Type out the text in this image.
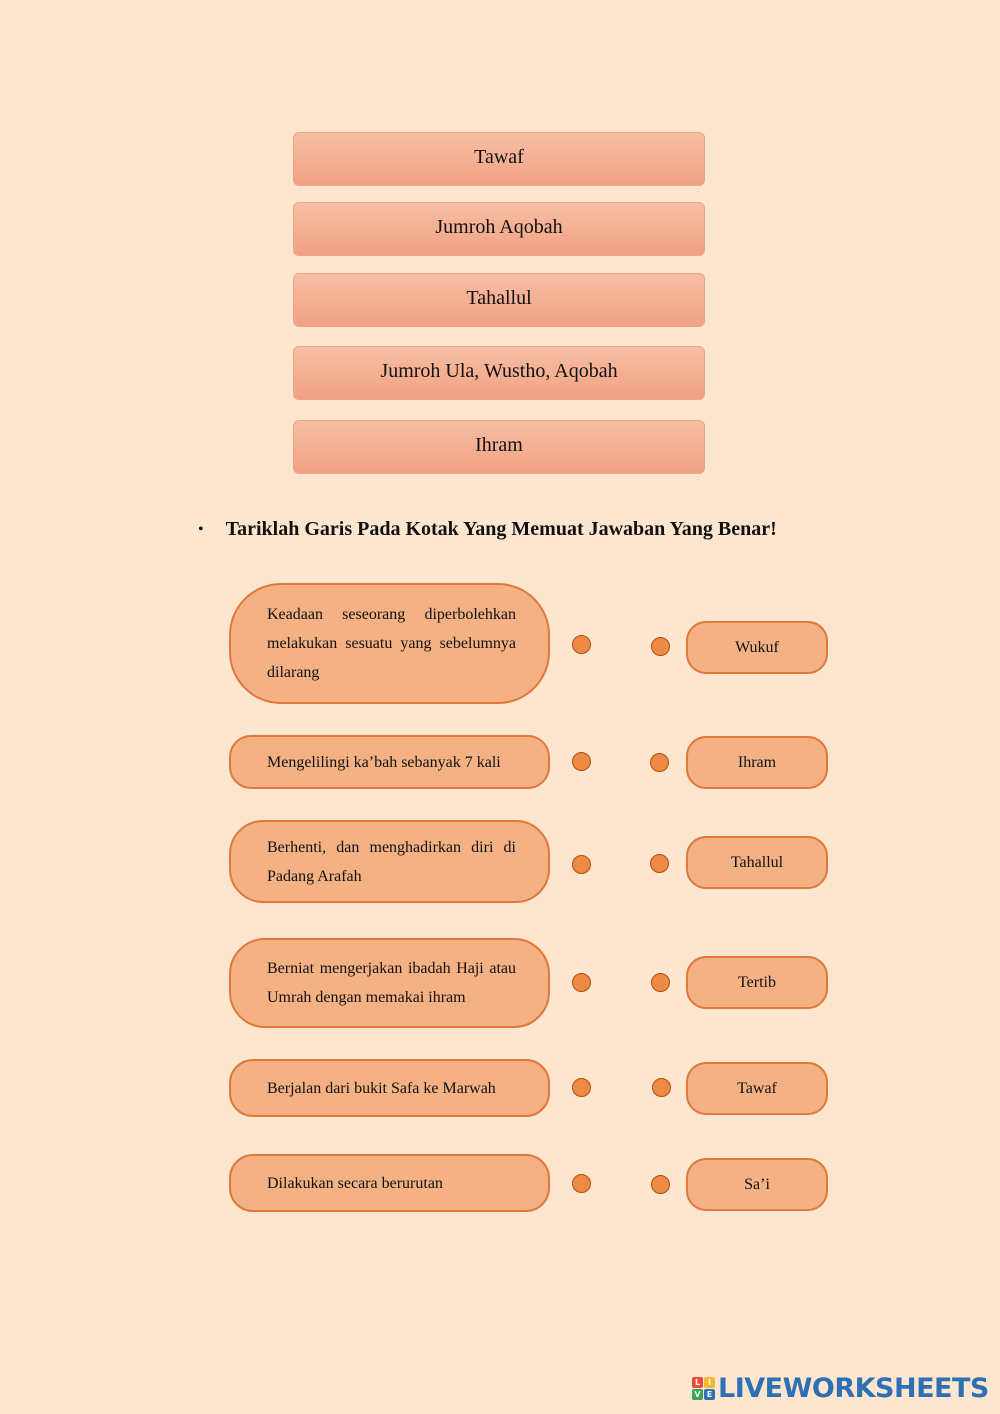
Tawaf
Jumroh Aqobah
Tahallul
Jumroh Ula, Wustho, Aqobah
Ihram
• Tariklah Garis Pada Kotak Yang Memuat Jawaban Yang Benar!
Keadaan seseorang diperbolehkan melakukan sesuatu yang sebelumnya dilarang
Mengelilingi ka’bah sebanyak 7 kali
Berhenti, dan menghadirkan diri di Padang Arafah
Berniat mengerjakan ibadah Haji atau Umrah dengan memakai ihram
Berjalan dari bukit Safa ke Marwah
Dilakukan secara berurutan
Wukuf
Ihram
Tahallul
Tertib
Tawaf
Sa’i
L I
V E LIVEWORKSHEETS
